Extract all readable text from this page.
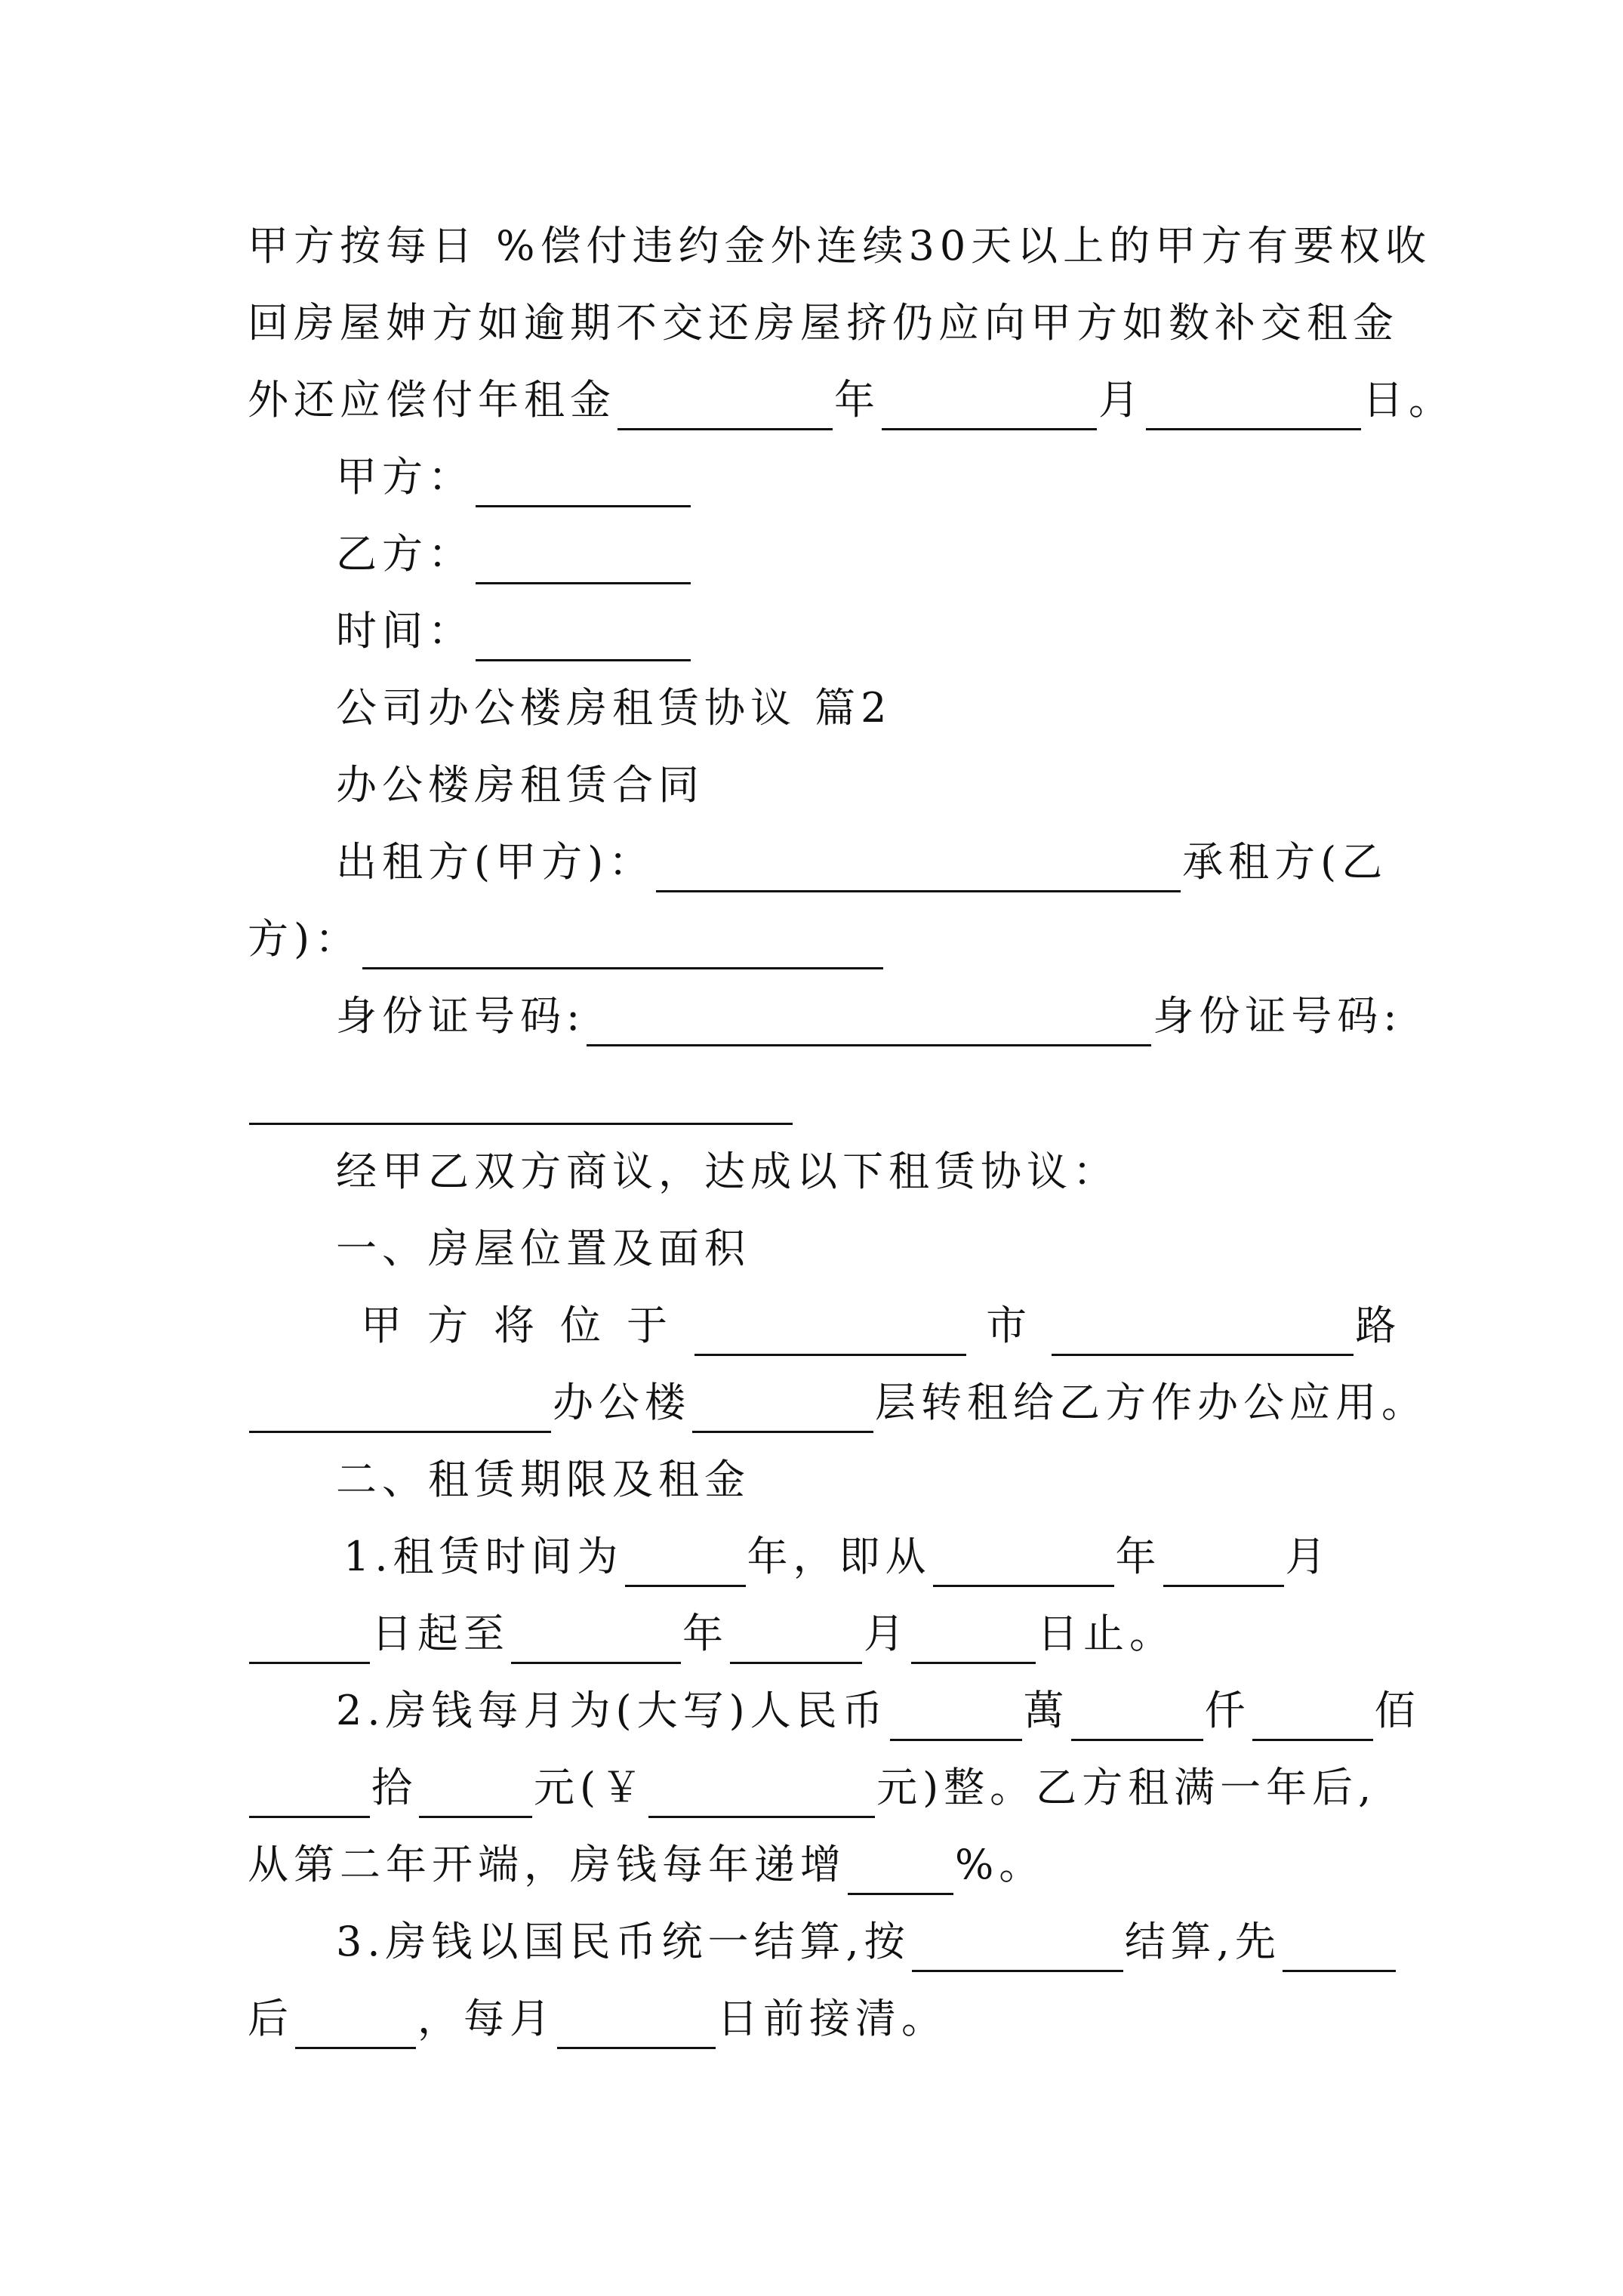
甲方按每日 %偿付违约金外连续30天以上的甲方有要权收
回房屋妽方如逾期不交还房屋挤仍应向甲方如数补交租金
外还应偿付年租金	年	月	日。
甲方：
乙方：
时间：
公司办公楼房租赁协议 篇2
办公楼房租赁合同
出租方(甲方)：	承租方(乙
方)：
身份证号码:	身份证号码:
经甲乙双方商议，达成以下租赁协议：
一、房屋位置及面积
甲方将位于	市	路
办公楼	层转租给乙方作办公应用。
二、租赁期限及租金
1.租赁时间为	年，即从	年	月
日起至	年	月	日止。
2.房钱每月为(大写)人民币	萬	仟	佰
拾	元(￥	元)整。乙方租满一年后,
从第二年开端，房钱每年递增	%。
3.房钱以国民币统一结算,按	结算,先
后	，每月	日前接清。
